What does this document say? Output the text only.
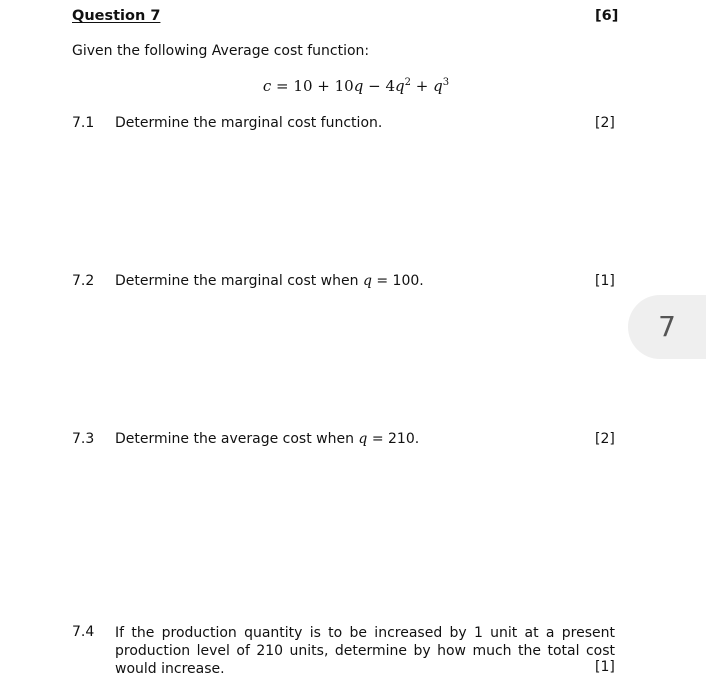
Question 7	[6]
Given the following Average cost function:
$c = 10 + 10q - 4q^2 + q^3$
7.1 Determine the marginal cost function.	[2]
7.2 Determine the marginal cost when q = 100.	[1]
7.3 Determine the average cost when q = 210.	[2]
7.4 If the production quantity is to be increased by 1 unit at a present production level of 210 units, determine by how much the total cost would increase.	[1]
7
